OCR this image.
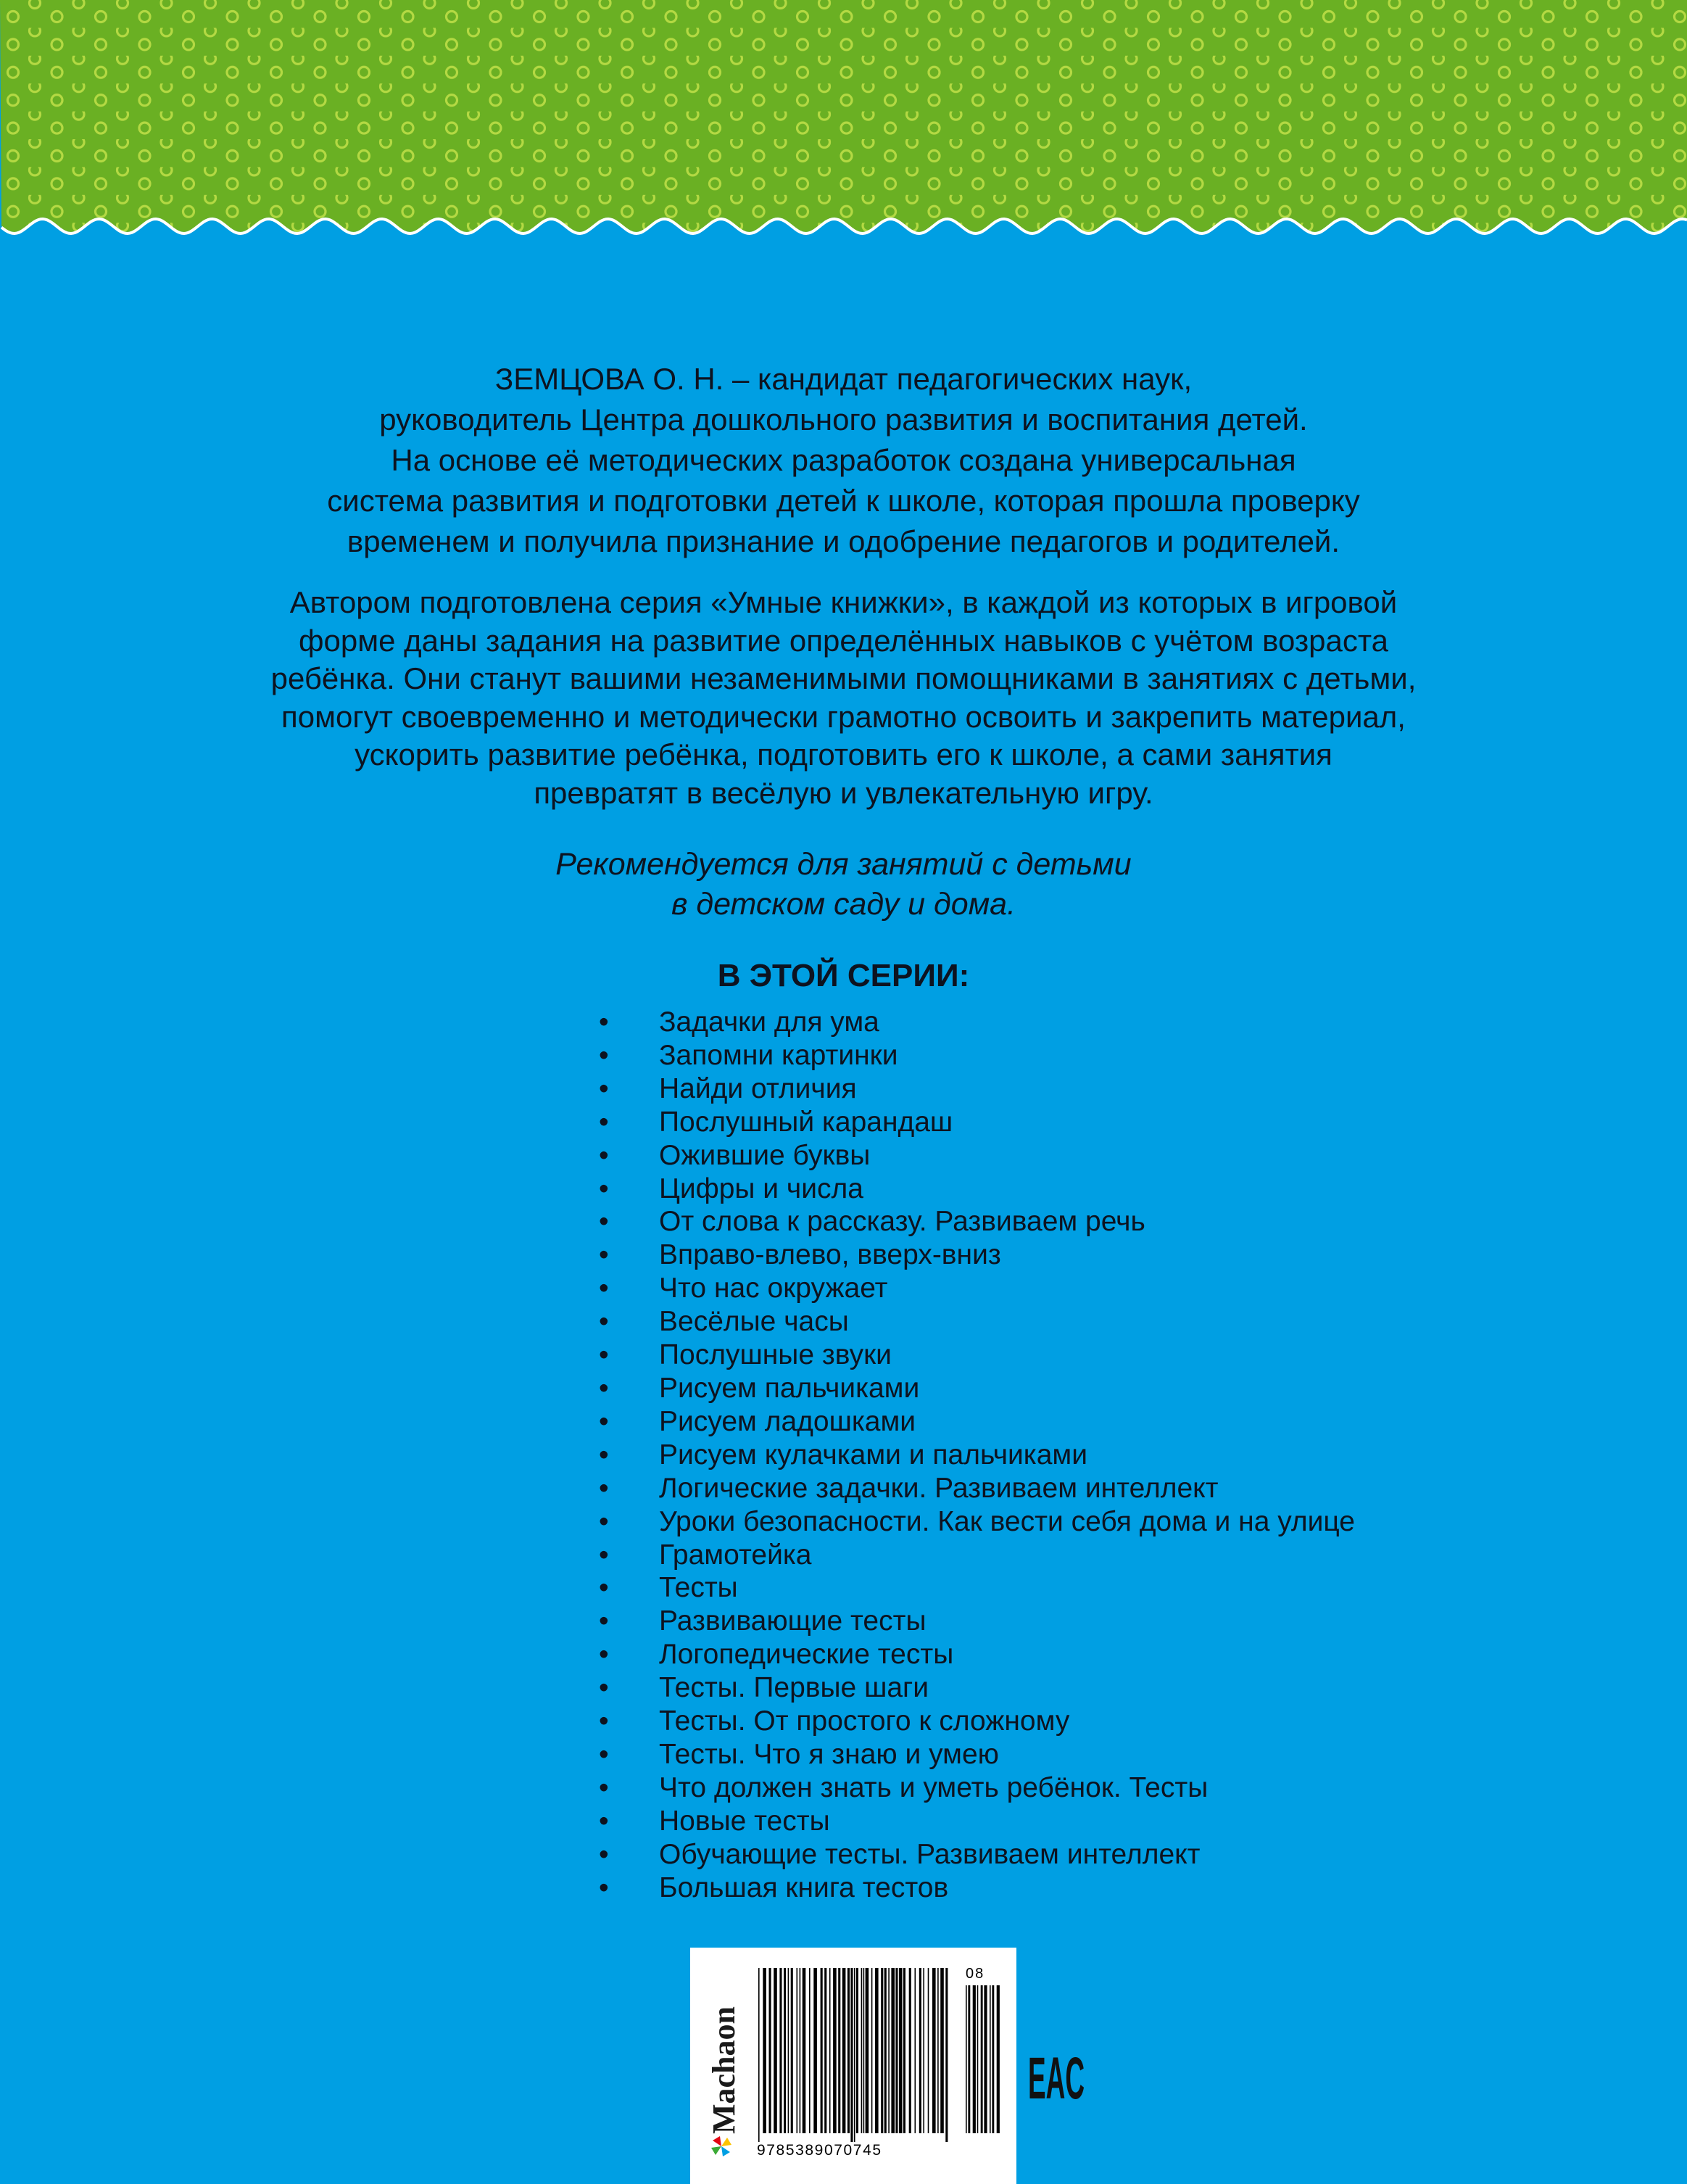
ЗЕМЦОВА О. Н. – кандидат педагогических наук,

руководитель Центра дошкольного развития и воспитания детей.

На основе её методических разработок создана универсальная

система развития и подготовки детей к школе, которая прошла проверку

временем и получила признание и одобрение педагогов и родителей.

Автором подготовлена серия «Умные книжки», в каждой из которых в игровой

форме даны задания на развитие определённых навыков с учётом возраста

ребёнка. Они станут вашими незаменимыми помощниками в занятиях с детьми,

помогут своевременно и методически грамотно освоить и закрепить материал,

ускорить развитие ребёнка, подготовить его к школе, а сами занятия

превратят в весёлую и увлекательную игру.

Рекомендуется для занятий с детьми

в детском саду и дома.

В ЭТОЙ СЕРИИ:
• Задачки для ума
• Запомни картинки
• Найди отличия
• Послушный карандаш
• Ожившие буквы
• Цифры и числа
• От слова к рассказу. Развиваем речь
• Вправо-влево, вверх-вниз
• Что нас окружает
• Весёлые часы
• Послушные звуки
• Рисуем пальчиками
• Рисуем ладошками
• Рисуем кулачками и пальчиками
• Логические задачки. Развиваем интеллект
• Уроки безопасности. Как вести себя дома и на улице
• Грамотейка
• Тесты
• Развивающие тесты
• Логопедические тесты
• Тесты. Первые шаги
• Тесты. От простого к сложному
• Тесты. Что я знаю и умею
• Что должен знать и уметь ребёнок. Тесты
• Новые тесты
• Обучающие тесты. Развиваем интеллект
• Большая книга тестов
Machaon
9785389070745
08
EAC
